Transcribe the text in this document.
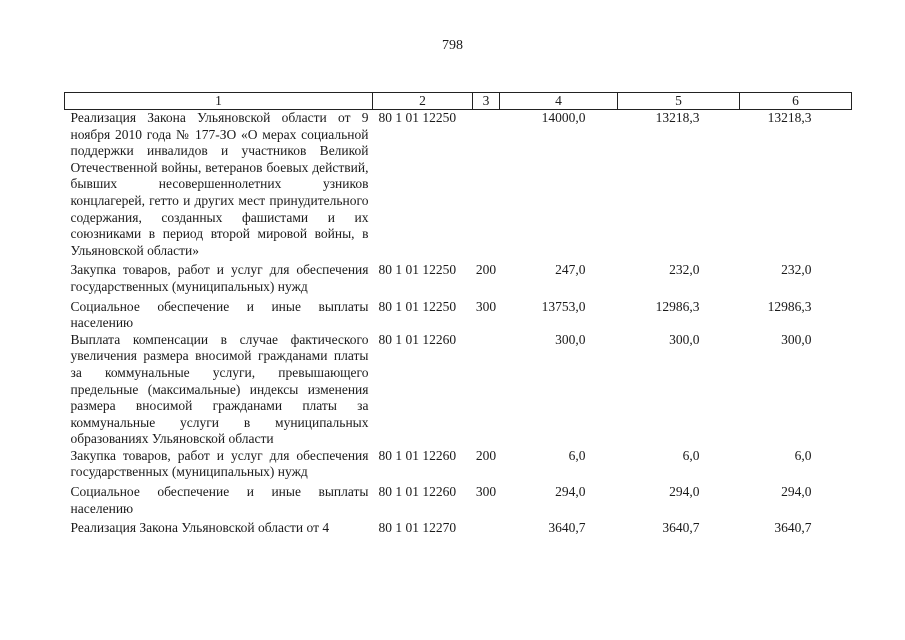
798
1	2	3	4	5	6
Реализация Закона Ульяновской области от 9 ноября 2010 года № 177-ЗО «О мерах социальной поддержки инвалидов и участников Великой Отечественной войны, ветеранов боевых действий, бывших несовершеннолетних узников концлагерей, гетто и других мест принудительного содержания, созданных фашистами и их союзниками в период второй мировой войны, в Ульяновской области»	80 1 01 12250		14000,0	13218,3	13218,3
Закупка товаров, работ и услуг для обеспечения государственных (муниципальных) нужд	80 1 01 12250	200	247,0	232,0	232,0
Социальное обеспечение и иные выплаты населению	80 1 01 12250	300	13753,0	12986,3	12986,3
Выплата компенсации в случае фактического увеличения размера вносимой гражданами платы за коммунальные услуги, превышающего предельные (максимальные) индексы изменения размера вносимой гражданами платы за коммунальные услуги в муниципальных образованиях Ульяновской области	80 1 01 12260		300,0	300,0	300,0
Закупка товаров, работ и услуг для обеспечения государственных (муниципальных) нужд	80 1 01 12260	200	6,0	6,0	6,0
Социальное обеспечение и иные выплаты населению	80 1 01 12260	300	294,0	294,0	294,0
Реализация Закона Ульяновской области от 4	80 1 01 12270		3640,7	3640,7	3640,7
